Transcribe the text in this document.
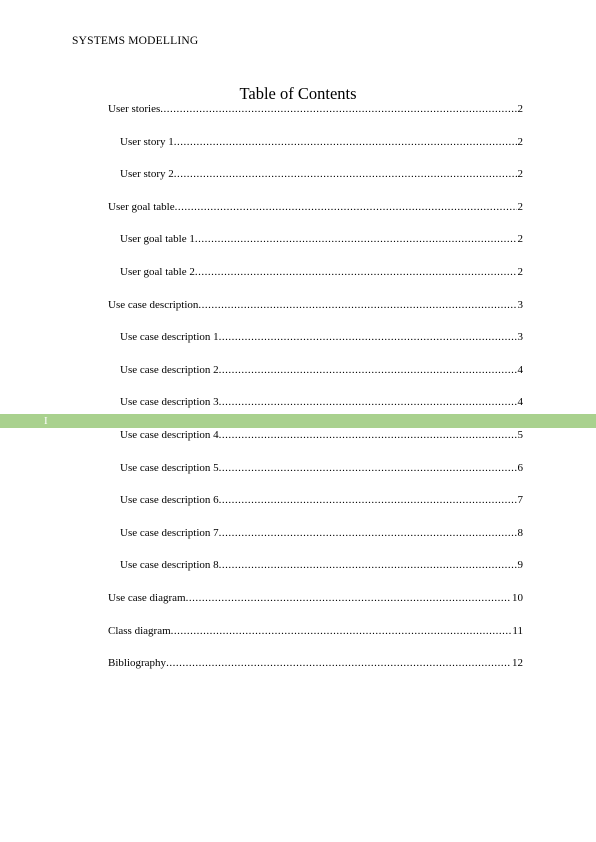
SYSTEMS MODELLING
Table of Contents
User stories .....	2
User story 1 .....	2
User story 2 .....	2
User goal table .....	2
User goal table 1 .....	2
User goal table 2 .....	2
Use case description .....	3
Use case description 1 .....	3
Use case description 2 .....	4
Use case description 3 .....	4
Use case description 4 .....	5
Use case description 5 .....	6
Use case description 6 .....	7
Use case description 7 .....	8
Use case description 8 .....	9
Use case diagram .....	10
Class diagram .....	11
Bibliography .....	12
I
